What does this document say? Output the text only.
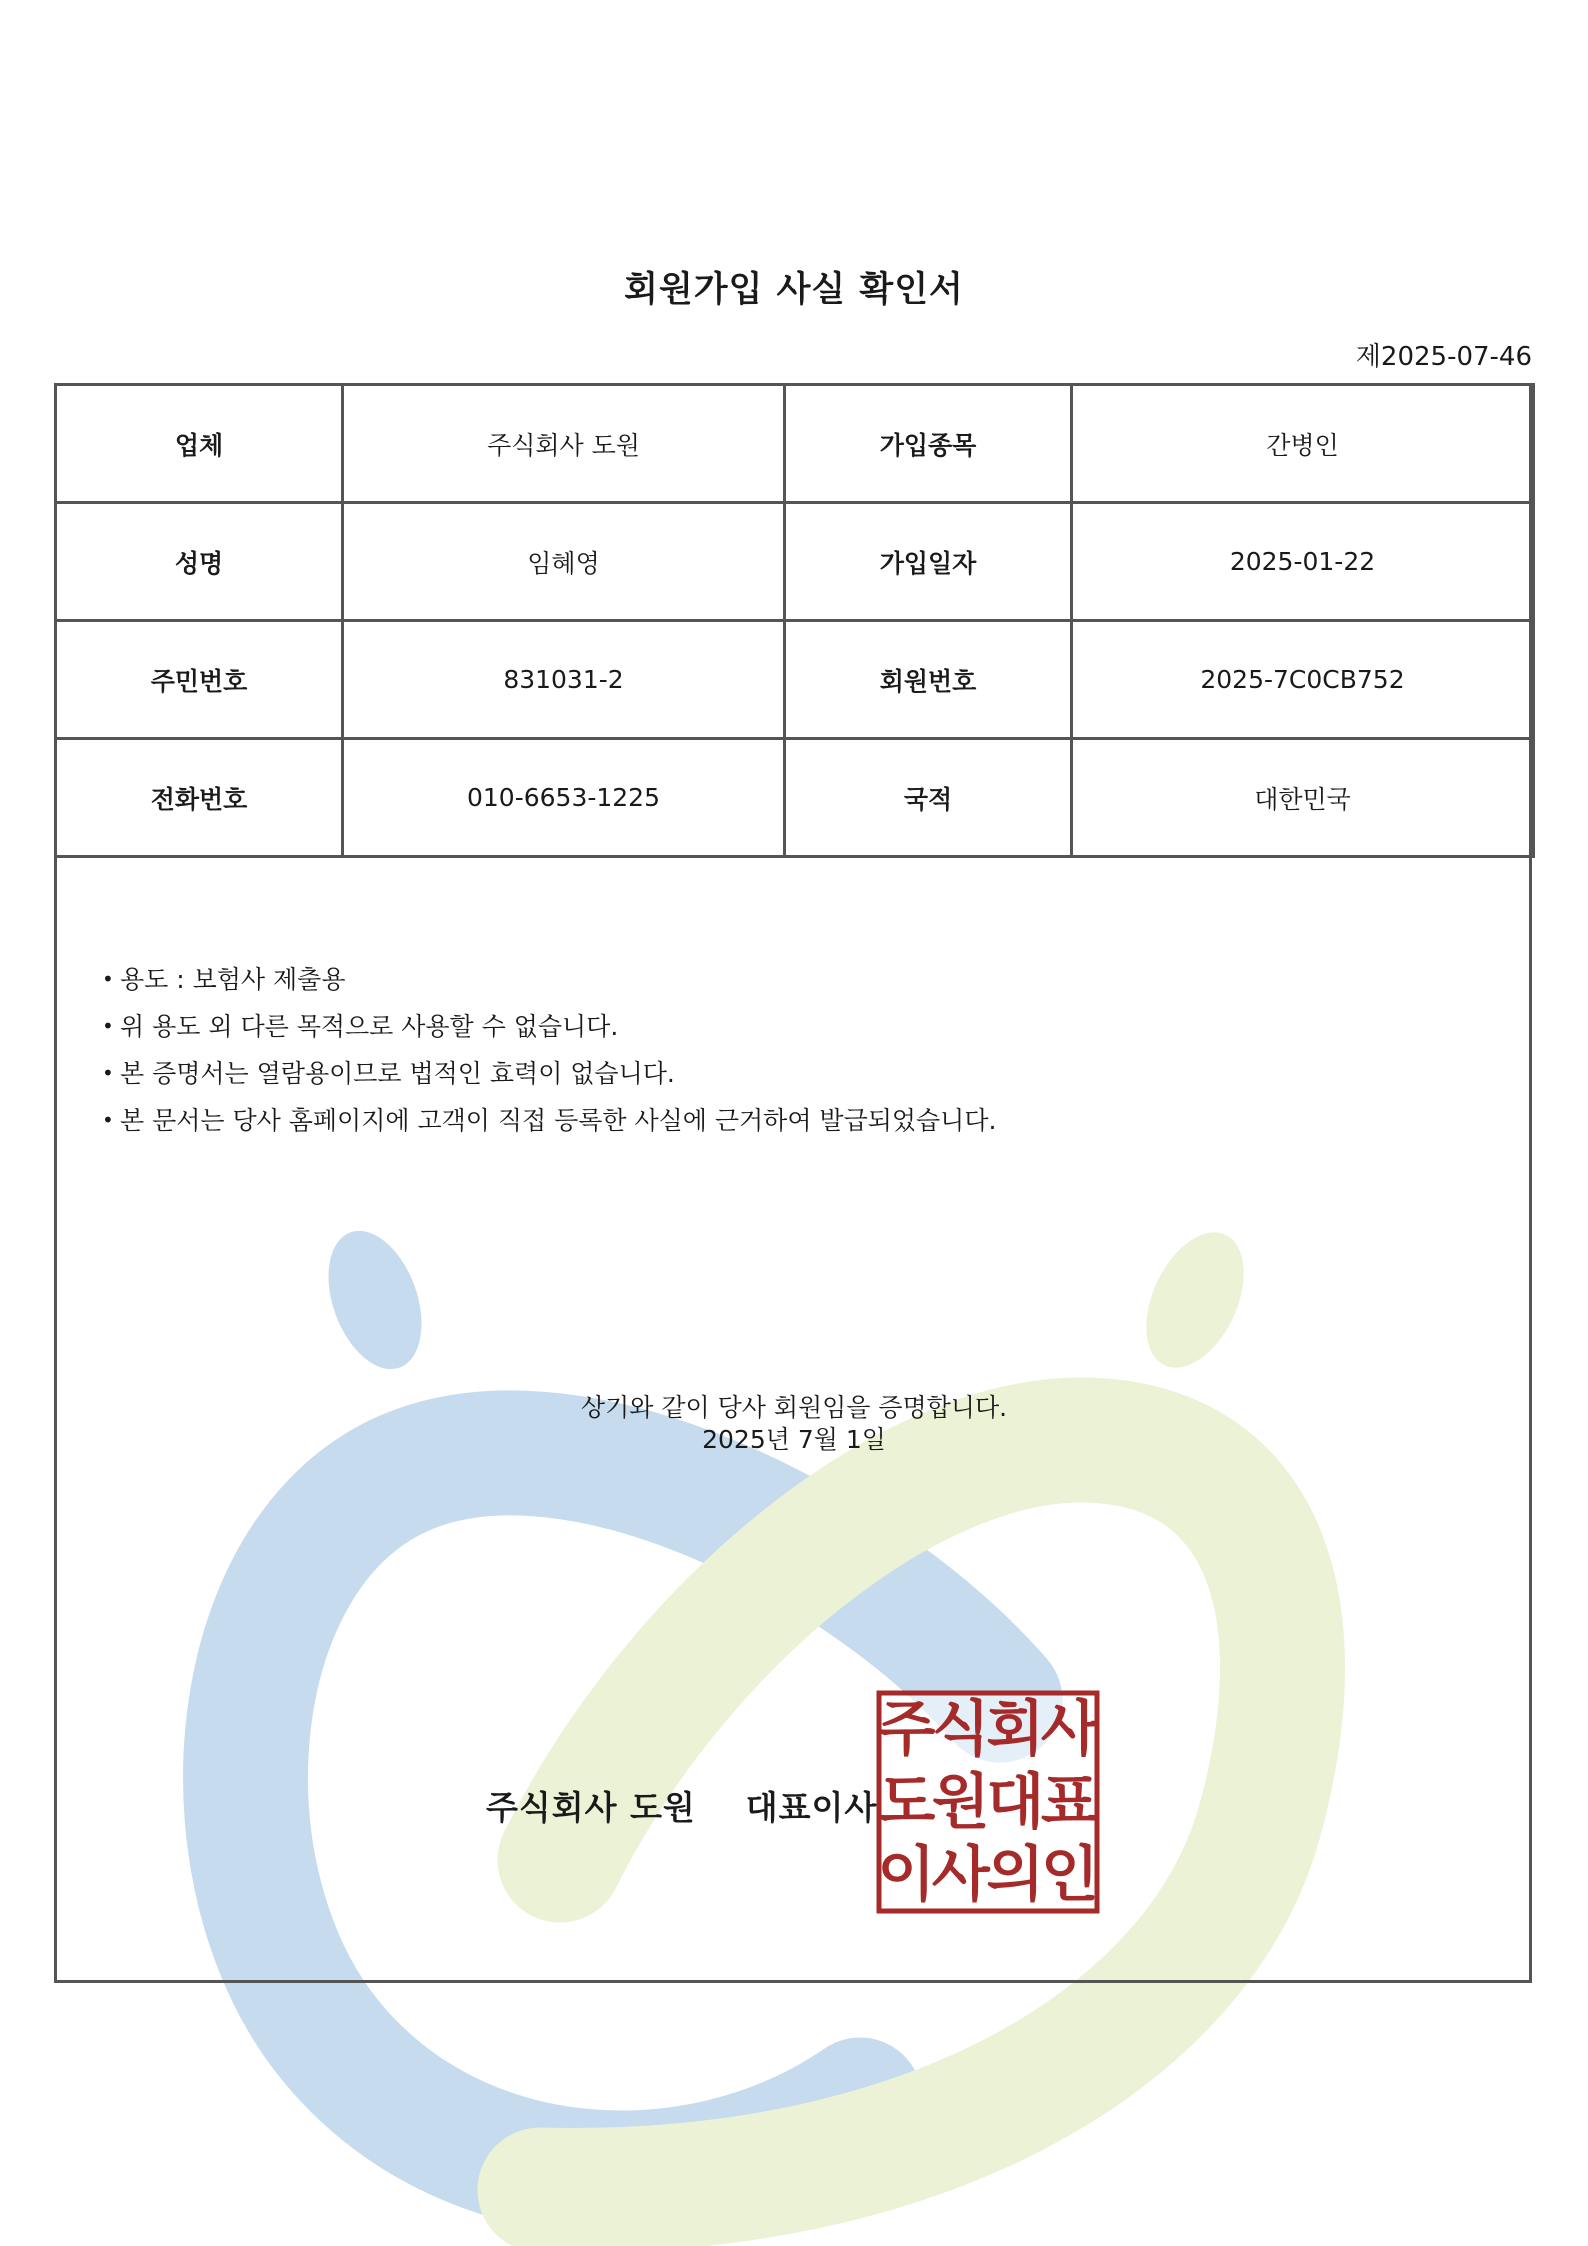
회원가입 사실 확인서
제2025-07-46
업체	주식회사 도원	가입종목	간병인
성명	임혜영	가입일자	2025-01-22
주민번호	831031-2	회원번호	2025-7C0CB752
전화번호	010-6653-1225	국적	대한민국
• 용도 : 보험사 제출용
• 위 용도 외 다른 목적으로 사용할 수 없습니다.
• 본 증명서는 열람용이므로 법적인 효력이 없습니다.
• 본 문서는 당사 홈페이지에 고객이 직접 등록한 사실에 근거하여 발급되었습니다.
상기와 같이 당사 회원임을 증명합니다.
2025년 7월 1일
주식회사 도원 대표이사
주
식
회
사
도
원
대
표
이
사
의
인
